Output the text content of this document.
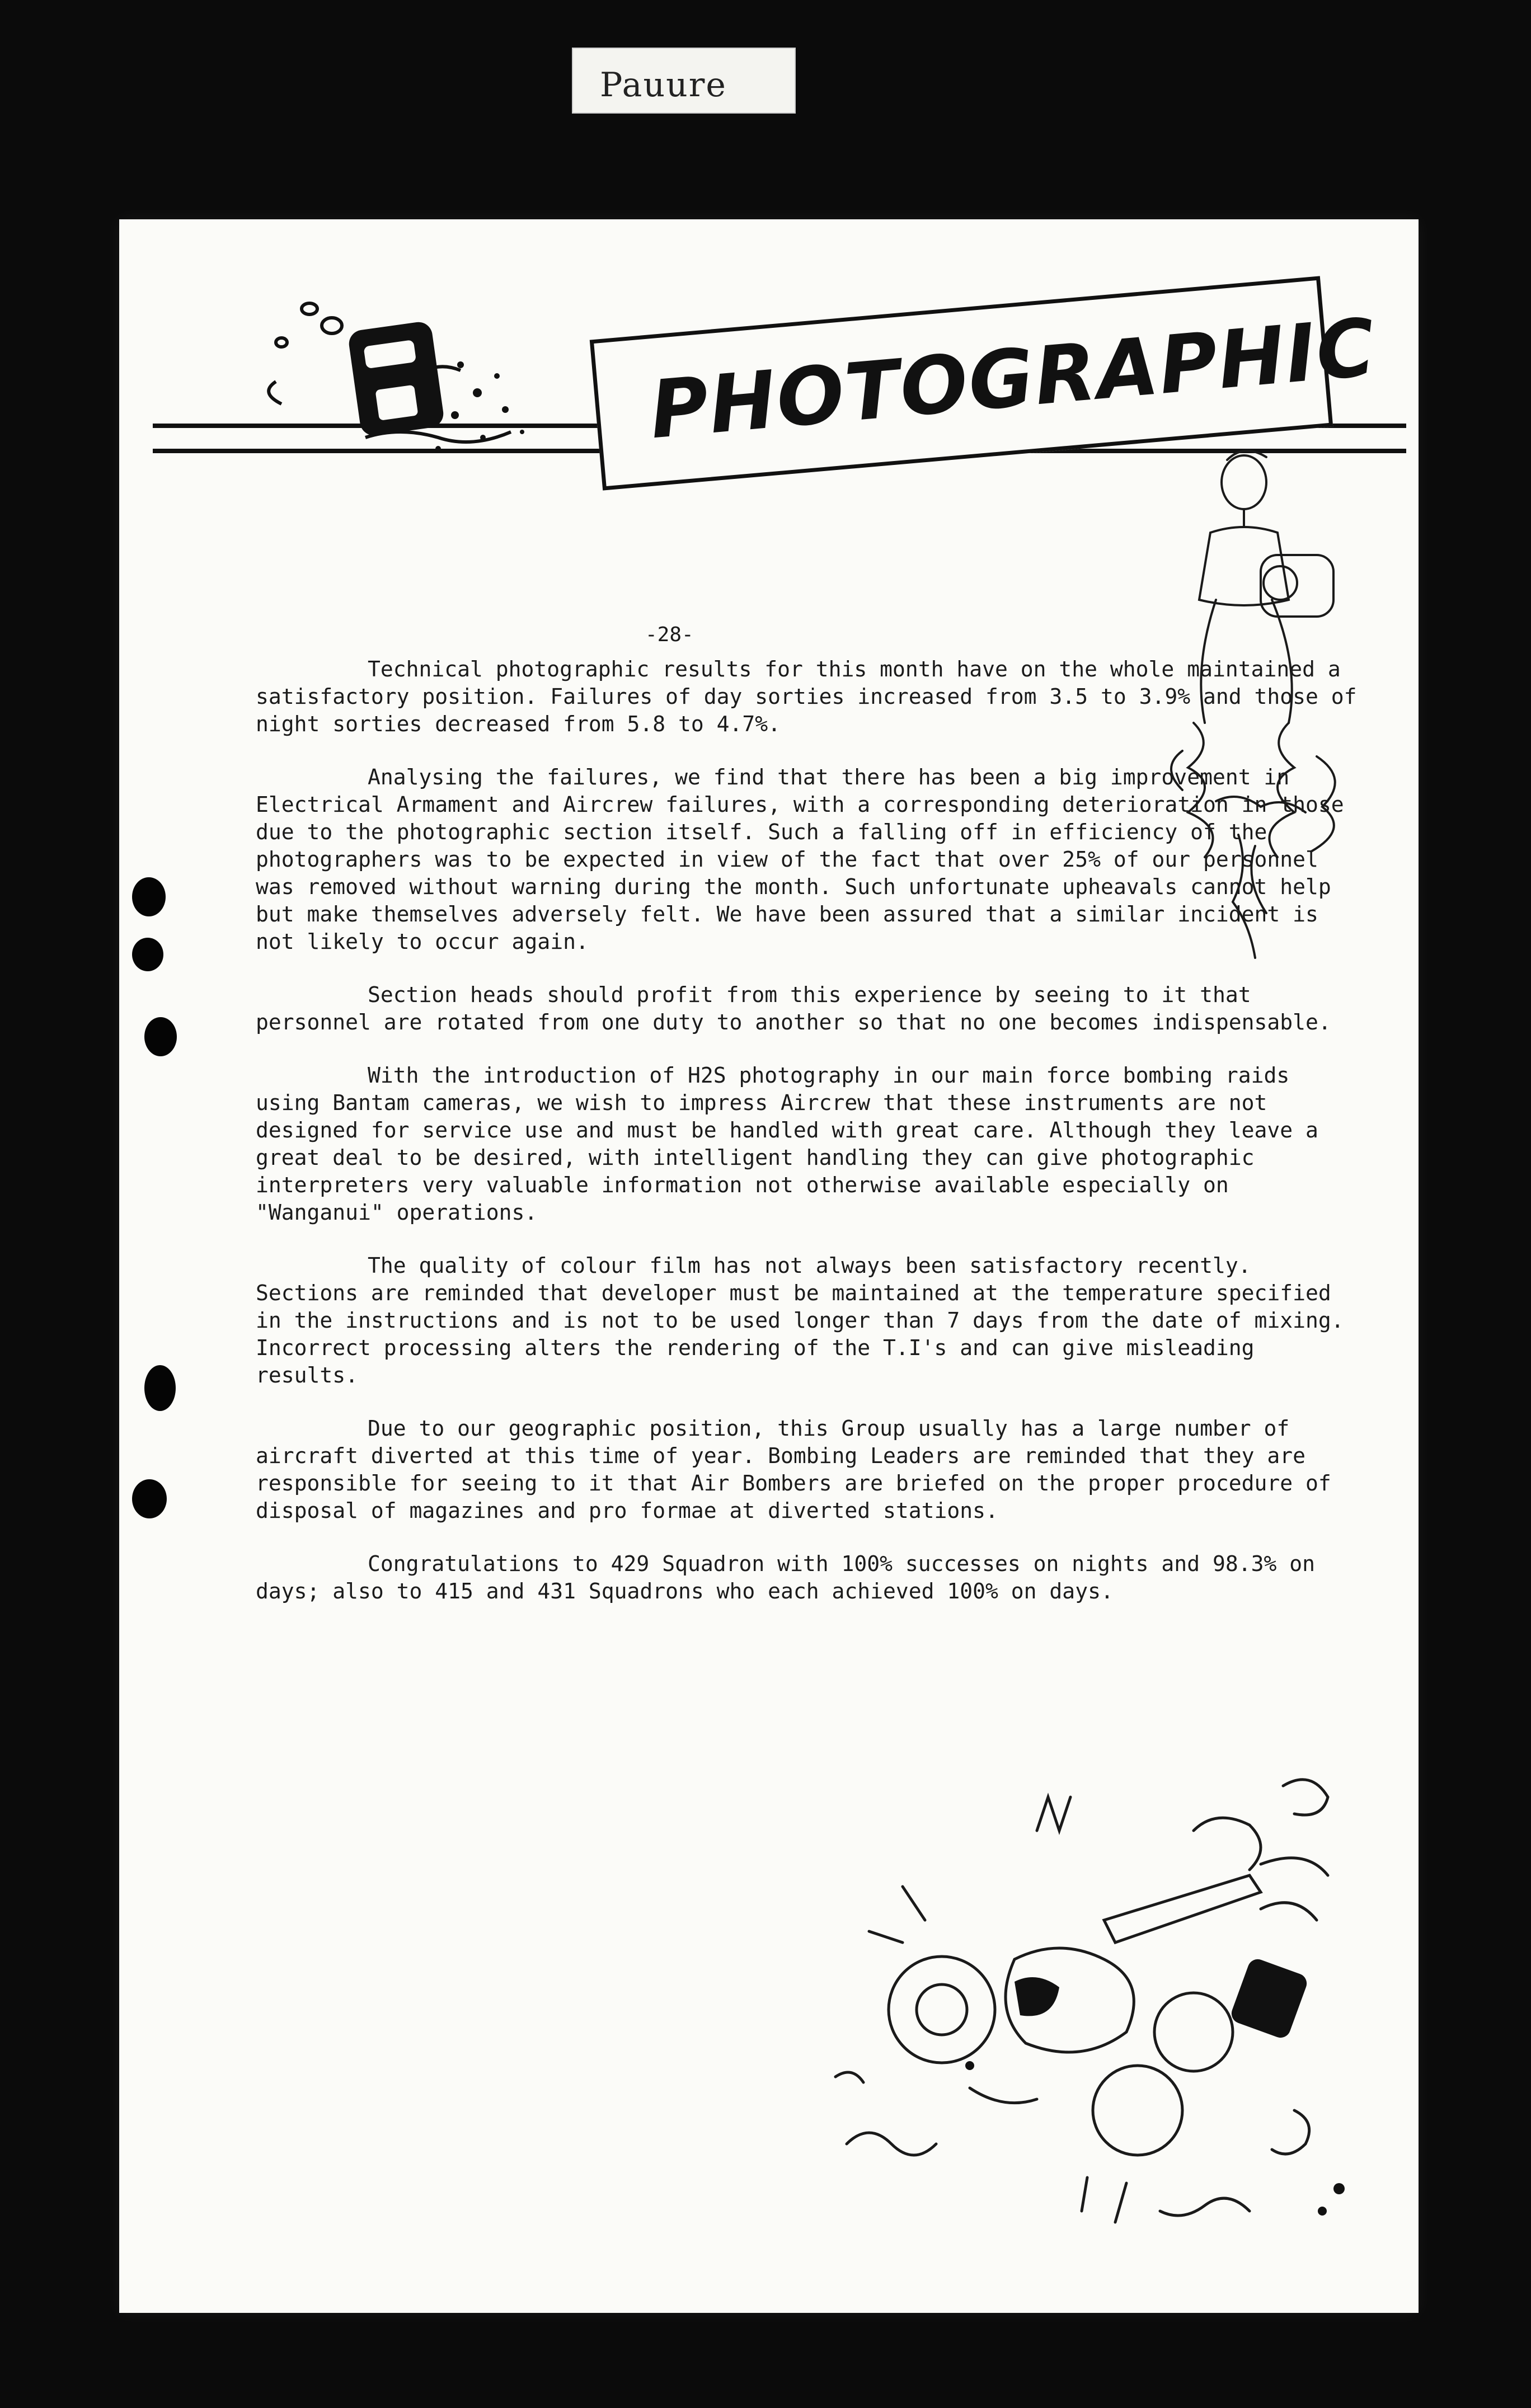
Pauure
PHOTOGRAPHIC
-28-

Technical photographic results for this month have on the whole maintained a satisfactory position. Failures of day sorties increased from 3.5 to 3.9% and those of night sorties decreased from 5.8 to 4.7%.

Analysing the failures, we find that there has been a big improvement in Electrical Armament and Aircrew failures, with a corresponding deterioration in those due to the photographic section itself. Such a falling off in efficiency of the photographers was to be expected in view of the fact that over 25% of our personnel was removed without warning during the month. Such unfortunate upheavals cannot help but make themselves adversely felt. We have been assured that a similar incident is not likely to occur again.

Section heads should profit from this experience by seeing to it that personnel are rotated from one duty to another so that no one becomes indispensable.

With the introduction of H2S photography in our main force bombing raids using Bantam cameras, we wish to impress Aircrew that these instruments are not designed for service use and must be handled with great care. Although they leave a great deal to be desired, with intelligent handling they can give photographic interpreters very valuable information not otherwise available especially on "Wanganui" operations.

The quality of colour film has not always been satisfactory recently. Sections are reminded that developer must be maintained at the temperature specified in the instructions and is not to be used longer than 7 days from the date of mixing. Incorrect processing alters the rendering of the T.I's and can give misleading results.

Due to our geographic position, this Group usually has a large number of aircraft diverted at this time of year. Bombing Leaders are reminded that they are responsible for seeing to it that Air Bombers are briefed on the proper procedure of disposal of magazines and pro formae at diverted stations.

Congratulations to 429 Squadron with 100% successes on nights and 98.3% on days; also to 415 and 431 Squadrons who each achieved 100% on days.
